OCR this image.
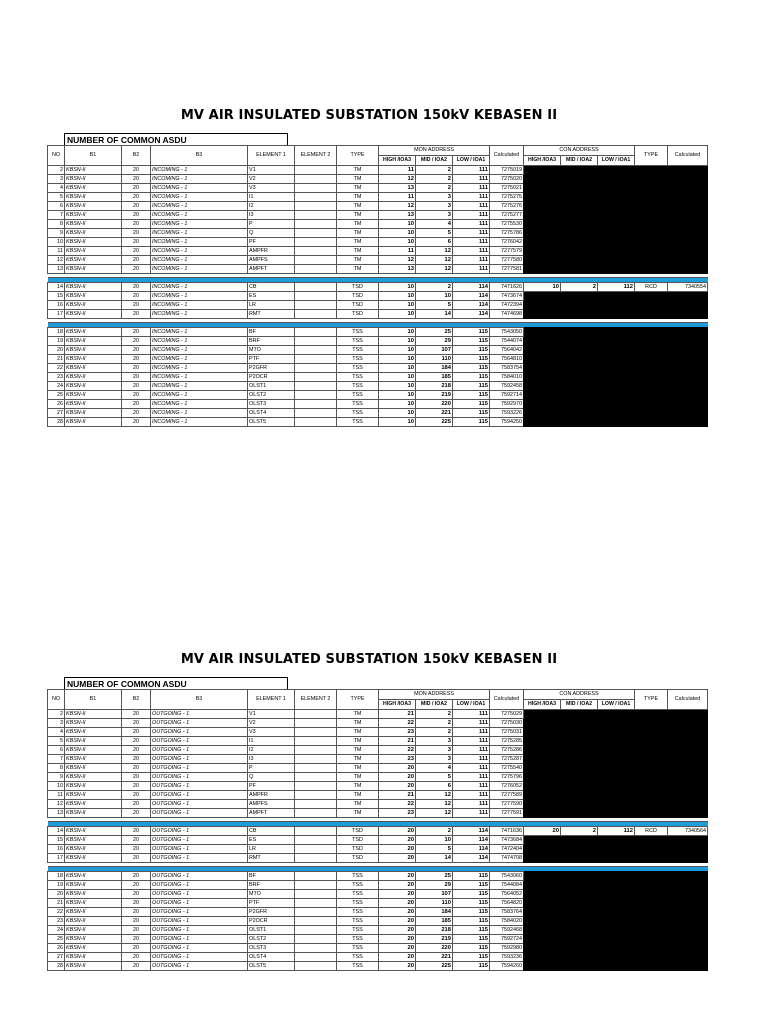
MV AIR INSULATED SUBSTATION 150kV KEBASEN II
NUMBER OF COMMON ASDU
NO	B1	B2	B3	ELEMENT 1	ELEMENT 2	TYPE	MON ADDRESS			Calculated	CON ADDRESS			TYPE	Calculated
							HIGH /IOA3	MID / IOA2	LOW / IOA1		HIGH /IOA3	MID / IOA2	LOW / IOA1		
2	KBSN-II	20	INCOMING - 1	V1		TM	11	2	111	7275019					
3	KBSN-II	20	INCOMING - 1	V2		TM	12	2	111	7275020					
4	KBSN-II	20	INCOMING - 1	V3		TM	13	2	111	7275021					
5	KBSN-II	20	INCOMING - 1	I1		TM	11	3	111	7275275					
6	KBSN-II	20	INCOMING - 1	I2		TM	12	3	111	7275276					
7	KBSN-II	20	INCOMING - 1	I3		TM	13	3	111	7275277					
8	KBSN-II	20	INCOMING - 1	P		TM	10	4	111	7275530					
9	KBSN-II	20	INCOMING - 1	Q		TM	10	5	111	7275786					
10	KBSN-II	20	INCOMING - 1	PF		TM	10	6	111	7276042					
11	KBSN-II	20	INCOMING - 1	AMPFR		TM	11	12	111	7277579					
12	KBSN-II	20	INCOMING - 1	AMPFS		TM	12	12	111	7277580					
13	KBSN-II	20	INCOMING - 1	AMPFT		TM	13	12	111	7277581					

14	KBSN-II	20	INCOMING - 1	CB		TSD	10	2	114	7471626	10	2	112	RCD	7340554
15	KBSN-II	20	INCOMING - 1	ES		TSD	10	10	114	7473674					
16	KBSN-II	20	INCOMING - 1	LR		TSD	10	5	114	7472394					
17	KBSN-II	20	INCOMING - 1	RMT		TSD	10	14	114	7474698					

18	KBSN-II	20	INCOMING - 1	BF		TSS	10	25	115	7543050					
19	KBSN-II	20	INCOMING - 1	BRF		TSS	10	29	115	7544074					
20	KBSN-II	20	INCOMING - 1	MTO		TSS	10	107	115	7564042					
21	KBSN-II	20	INCOMING - 1	PTF		TSS	10	110	115	7564810					
22	KBSN-II	20	INCOMING - 1	P2GFR		TSS	10	184	115	7583754					
23	KBSN-II	20	INCOMING - 1	P2OCR		TSS	10	185	115	7584010					
24	KBSN-II	20	INCOMING - 1	OLST1		TSS	10	218	115	7592458					
25	KBSN-II	20	INCOMING - 1	OLST2		TSS	10	219	115	7592714					
26	KBSN-II	20	INCOMING - 1	OLST3		TSS	10	220	115	7592970					
27	KBSN-II	20	INCOMING - 1	OLST4		TSS	10	221	115	7593226					
28	KBSN-II	20	INCOMING - 1	OLST5		TSS	10	225	115	7594250					
MV AIR INSULATED SUBSTATION 150kV KEBASEN II
NUMBER OF COMMON ASDU
NO	B1	B2	B3	ELEMENT 1	ELEMENT 2	TYPE	MON ADDRESS			Calculated	CON ADDRESS			TYPE	Calculated
							HIGH /IOA3	MID / IOA2	LOW / IOA1		HIGH /IOA3	MID / IOA2	LOW / IOA1		
2	KBSN-II	20	OUTGOING - 1	V1		TM	21	2	111	7275029					
3	KBSN-II	20	OUTGOING - 1	V2		TM	22	2	111	7275030					
4	KBSN-II	20	OUTGOING - 1	V3		TM	23	2	111	7275031					
5	KBSN-II	20	OUTGOING - 1	I1		TM	21	3	111	7275285					
6	KBSN-II	20	OUTGOING - 1	I2		TM	22	3	111	7275286					
7	KBSN-II	20	OUTGOING - 1	I3		TM	23	3	111	7275287					
8	KBSN-II	20	OUTGOING - 1	P		TM	20	4	111	7275540					
9	KBSN-II	20	OUTGOING - 1	Q		TM	20	5	111	7275796					
10	KBSN-II	20	OUTGOING - 1	PF		TM	20	6	111	7276052					
11	KBSN-II	20	OUTGOING - 1	AMPFR		TM	21	12	111	7277589					
12	KBSN-II	20	OUTGOING - 1	AMPFS		TM	22	12	111	7277590					
13	KBSN-II	20	OUTGOING - 1	AMPFT		TM	23	12	111	7277591					

14	KBSN-II	20	OUTGOING - 1	CB		TSD	20	2	114	7471636	20	2	112	RCD	7340564
15	KBSN-II	20	OUTGOING - 1	ES		TSD	20	10	114	7473684					
16	KBSN-II	20	OUTGOING - 1	LR		TSD	20	5	114	7472404					
17	KBSN-II	20	OUTGOING - 1	RMT		TSD	20	14	114	7474708					

18	KBSN-II	20	OUTGOING - 1	BF		TSS	20	25	115	7543060					
19	KBSN-II	20	OUTGOING - 1	BRF		TSS	20	29	115	7544084					
20	KBSN-II	20	OUTGOING - 1	MTO		TSS	20	107	115	7564052					
21	KBSN-II	20	OUTGOING - 1	PTF		TSS	20	110	115	7564820					
22	KBSN-II	20	OUTGOING - 1	P2GFR		TSS	20	184	115	7583764					
23	KBSN-II	20	OUTGOING - 1	P2OCR		TSS	20	185	115	7584020					
24	KBSN-II	20	OUTGOING - 1	OLST1		TSS	20	218	115	7592468					
25	KBSN-II	20	OUTGOING - 1	OLST2		TSS	20	219	115	7592724					
26	KBSN-II	20	OUTGOING - 1	OLST3		TSS	20	220	115	7592980					
27	KBSN-II	20	OUTGOING - 1	OLST4		TSS	20	221	115	7593236					
28	KBSN-II	20	OUTGOING - 1	OLST5		TSS	20	225	115	7594260					
